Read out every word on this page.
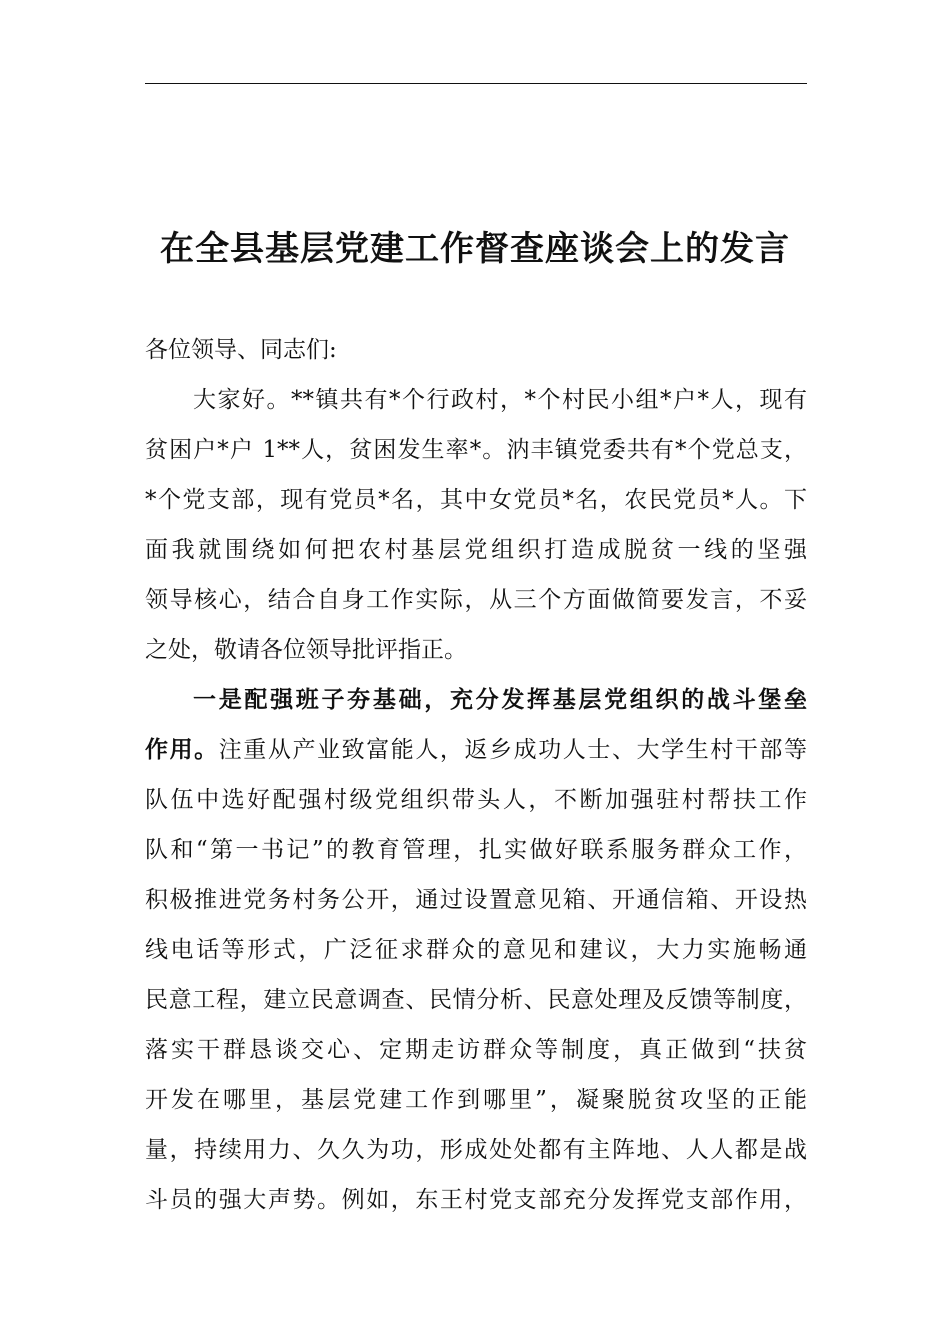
在全县基层党建工作督查座谈会上的发言
各位领导、同志们:
大家好。**镇共有*个行政村，*个村民小组*户*人，现有
贫困户*户 1**人，贫困发生率*。汭丰镇党委共有*个党总支，
*个党支部，现有党员*名，其中女党员*名，农民党员*人。下
面我就围绕如何把农村基层党组织打造成脱贫一线的坚强
领导核心，结合自身工作实际，从三个方面做简要发言，不妥
之处，敬请各位领导批评指正。
一是配强班子夯基础，充分发挥基层党组织的战斗堡垒
作用。注重从产业致富能人，返乡成功人士、大学生村干部等
队伍中选好配强村级党组织带头人，不断加强驻村帮扶工作
队和“第一书记”的教育管理，扎实做好联系服务群众工作，
积极推进党务村务公开，通过设置意见箱、开通信箱、开设热
线电话等形式，广泛征求群众的意见和建议，大力实施畅通
民意工程，建立民意调查、民情分析、民意处理及反馈等制度，
落实干群恳谈交心、定期走访群众等制度，真正做到“扶贫
开发在哪里，基层党建工作到哪里”，凝聚脱贫攻坚的正能
量，持续用力、久久为功，形成处处都有主阵地、人人都是战
斗员的强大声势。例如，东王村党支部充分发挥党支部作用，
